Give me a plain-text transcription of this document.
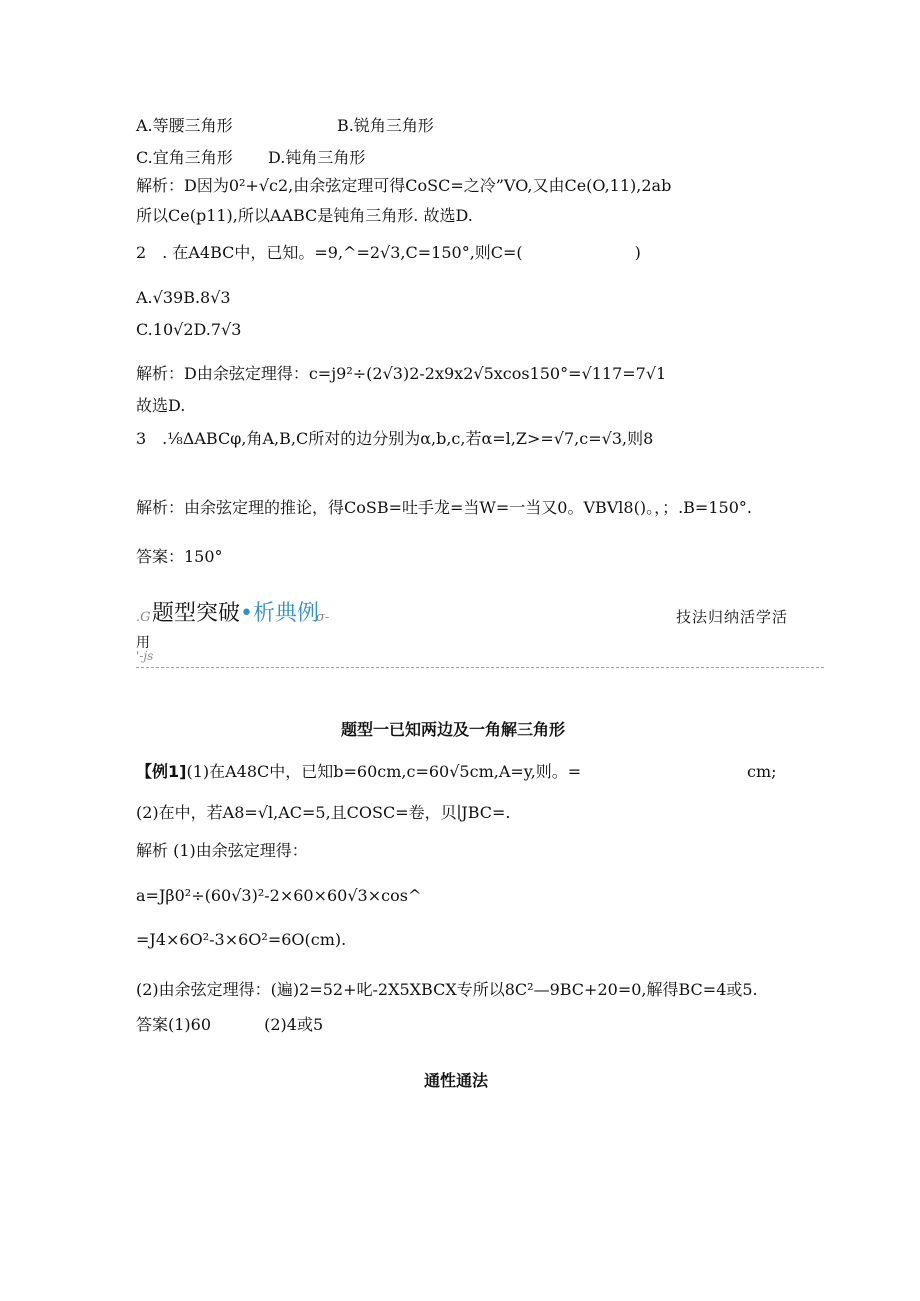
A.等腰三角形	B.锐角三角形
C.宜角三角形 D.钝角三角形
解析：D因为0²+√c2,由余弦定理可得CoSC=之冷”VO,又由Ce(O,11),2ab
所以Ce(p11),所以AABC是钝角三角形. 故选D.
2　. 在A4BC中，已知。=9,^=2√3,C=150°,则C=(　　　　　　　)
A.√39B.8√3
C.10√2D.7√3
解析：D由余弦定理得：c=j9²÷(2√3)2-2x9x2√5xcos150°=√117=7√1
故选D.
3　.⅛ΔABCφ,角A,B,C所对的边分别为α,b,c,若α=l,Z>=√7,c=√3,则8
解析：由余弦定理的推论，得CoSB=吐手龙=当W=一当又0。VBVl8()。，；.B=150°.
答案：150°
.G 题型突破•析典例
σ-	技法归纳活学活
用
'-js
题型一已知两边及一角解三角形
【例1](1)在A48C中，已知b=60cm,c=60√5cm,A=y,则。=	cm;
(2)在中，若A8=√l,AC=5,且COSC=卷，贝∣JBC=.
解析 (1)由余弦定理得：
a=Jβ0²÷(60√3)²-2×60×60√3×cos^
=J4×6O²-3×6O²=6O(cm).
(2)由余弦定理得：(遍)2=52+叱-2X5XBCX专所以8C²—9BC+20=0,解得BC=4或5.
答案(1)60　　　 (2)4或5
通性通法
